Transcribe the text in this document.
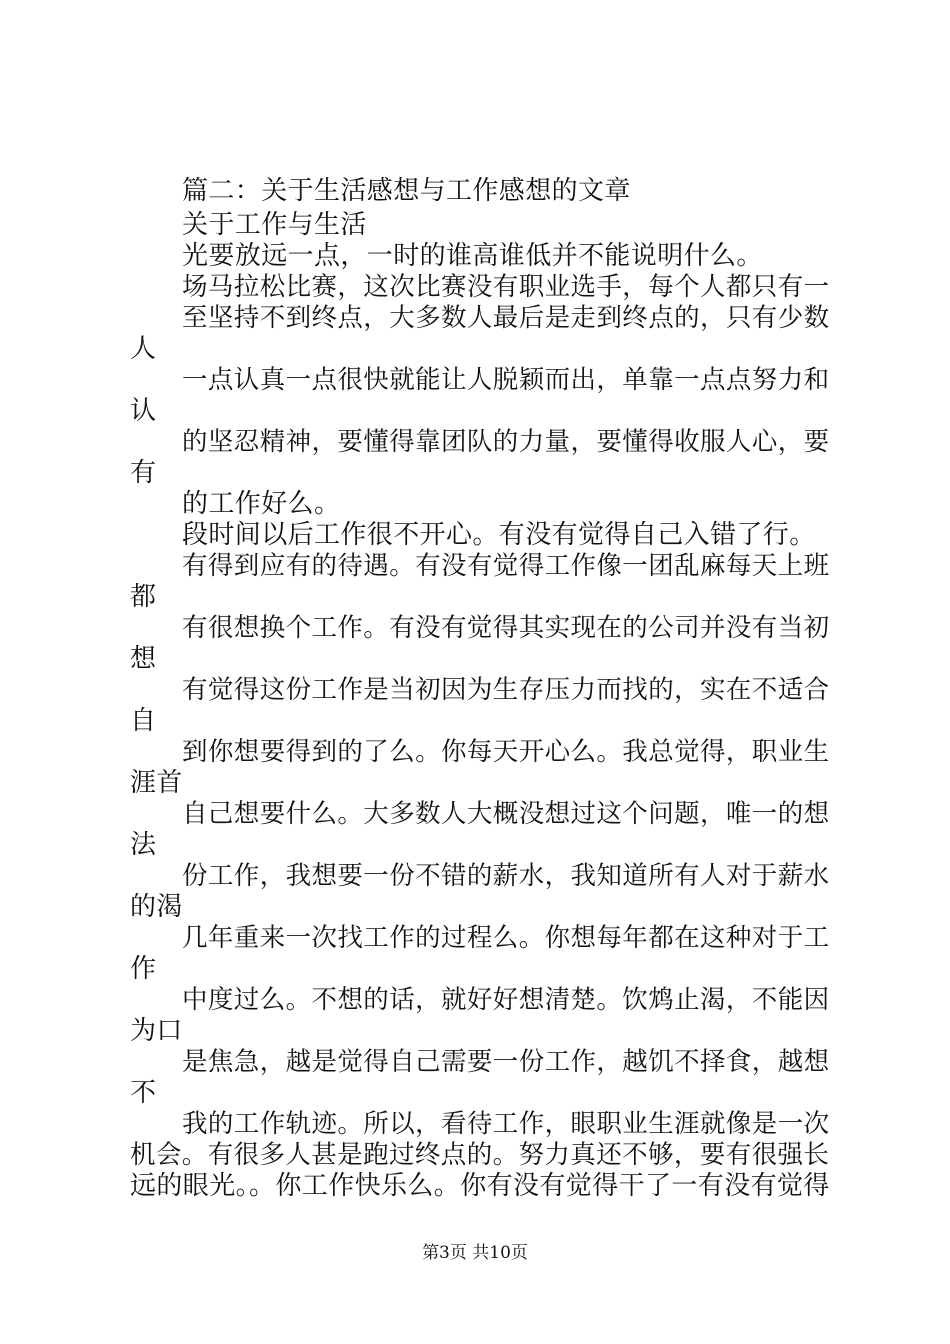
篇二：关于生活感想与工作感想的文章
关于工作与生活
光要放远一点，一时的谁高谁低并不能说明什么。
场马拉松比赛，这次比赛没有职业选手，每个人都只有一
至坚持不到终点，大多数人最后是走到终点的，只有少数
人
一点认真一点很快就能让人脱颖而出，单靠一点点努力和
认
的坚忍精神，要懂得靠团队的力量，要懂得收服人心，要
有
的工作好么。
段时间以后工作很不开心。有没有觉得自己入错了行。
有得到应有的待遇。有没有觉得工作像一团乱麻每天上班
都
有很想换个工作。有没有觉得其实现在的公司并没有当初
想
有觉得这份工作是当初因为生存压力而找的，实在不适合
自
到你想要得到的了么。你每天开心么。我总觉得，职业生
涯首
自己想要什么。大多数人大概没想过这个问题，唯一的想
法
份工作，我想要一份不错的薪水，我知道所有人对于薪水
的渴
几年重来一次找工作的过程么。你想每年都在这种对于工
作
中度过么。不想的话，就好好想清楚。饮鸩止渴，不能因
为口
是焦急，越是觉得自己需要一份工作，越饥不择食，越想
不
我的工作轨迹。所以，看待工作，眼职业生涯就像是一次
机会。有很多人甚是跑过终点的。努力真还不够，要有很强长
远的眼光。。你工作快乐么。你有没有觉得干了一有没有觉得
第3页 共10页
